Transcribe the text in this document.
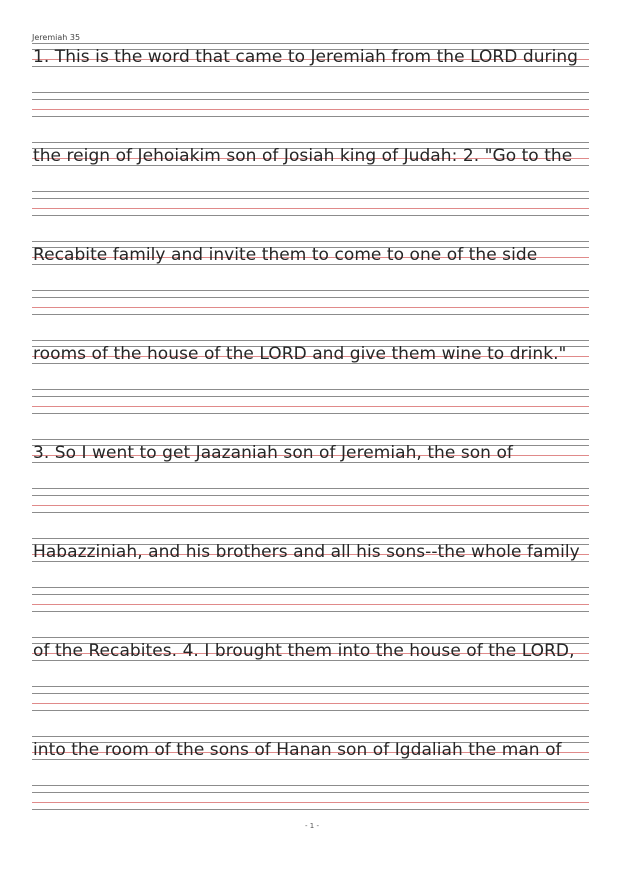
Jeremiah 35
1. This is the word that came to Jeremiah from the LORD during
the reign of Jehoiakim son of Josiah king of Judah: 2. "Go to the
Recabite family and invite them to come to one of the side
rooms of the house of the LORD and give them wine to drink."
3. So I went to get Jaazaniah son of Jeremiah, the son of
Habazziniah, and his brothers and all his sons--the whole family
of the Recabites. 4. I brought them into the house of the LORD,
into the room of the sons of Hanan son of Igdaliah the man of
- 1 -
